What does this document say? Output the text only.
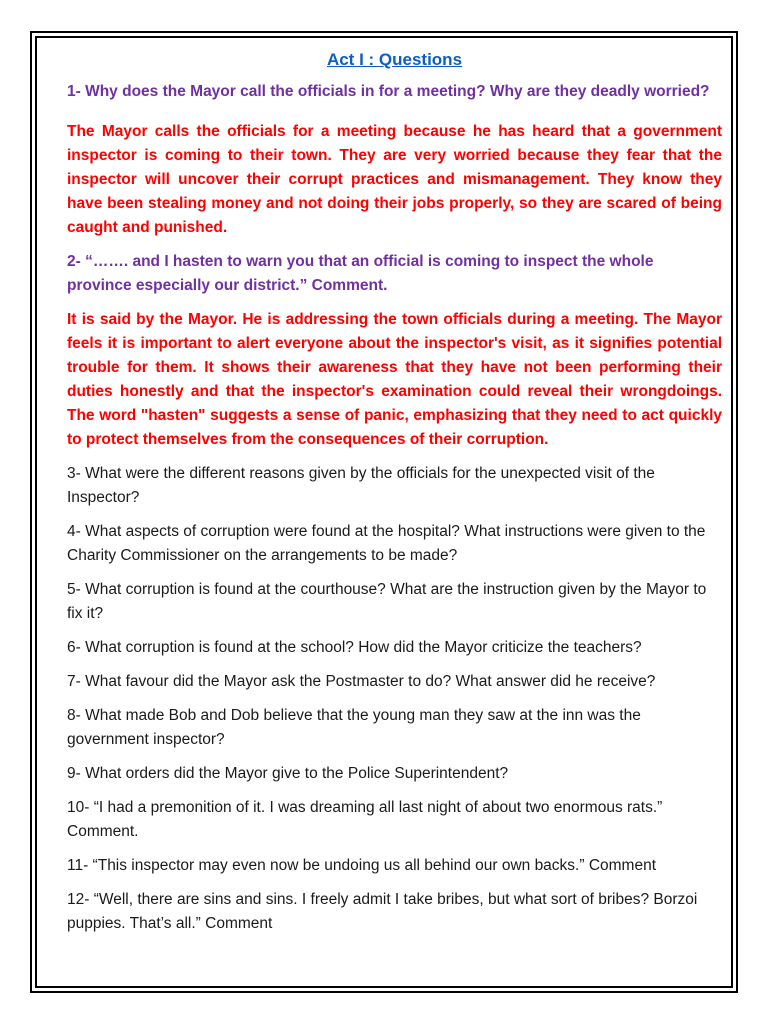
Act I : Questions
1- Why does the Mayor call the officials in for a meeting? Why are they deadly worried?
The Mayor calls the officials for a meeting because he has heard that a government inspector is coming to their town. They are very worried because they fear that the inspector will uncover their corrupt practices and mismanagement. They know they have been stealing money and not doing their jobs properly, so they are scared of being caught and punished.
2- “……. and I hasten to warn you that an official is coming to inspect the whole province especially our district.” Comment.
It is said by the Mayor. He is addressing the town officials during a meeting. The Mayor feels it is important to alert everyone about the inspector's visit, as it signifies potential trouble for them. It shows their awareness that they have not been performing their duties honestly and that the inspector's examination could reveal their wrongdoings. The word "hasten" suggests a sense of panic, emphasizing that they need to act quickly to protect themselves from the consequences of their corruption.
3- What were the different reasons given by the officials for the unexpected visit of the Inspector?
4- What aspects of corruption were found at the hospital? What instructions were given to the Charity Commissioner on the arrangements to be made?
5- What corruption is found at the courthouse? What are the instruction given by the Mayor to fix it?
6- What corruption is found at the school? How did the Mayor criticize the teachers?
7- What favour did the Mayor ask the Postmaster to do? What answer did he receive?
8- What made Bob and Dob believe that the young man they saw at the inn was the government inspector?
9- What orders did the Mayor give to the Police Superintendent?
10- “I had a premonition of it. I was dreaming all last night of about two enormous rats.” Comment.
11- “This inspector may even now be undoing us all behind our own backs.” Comment
12- “Well, there are sins and sins. I freely admit I take bribes, but what sort of bribes? Borzoi puppies. That’s all.” Comment
